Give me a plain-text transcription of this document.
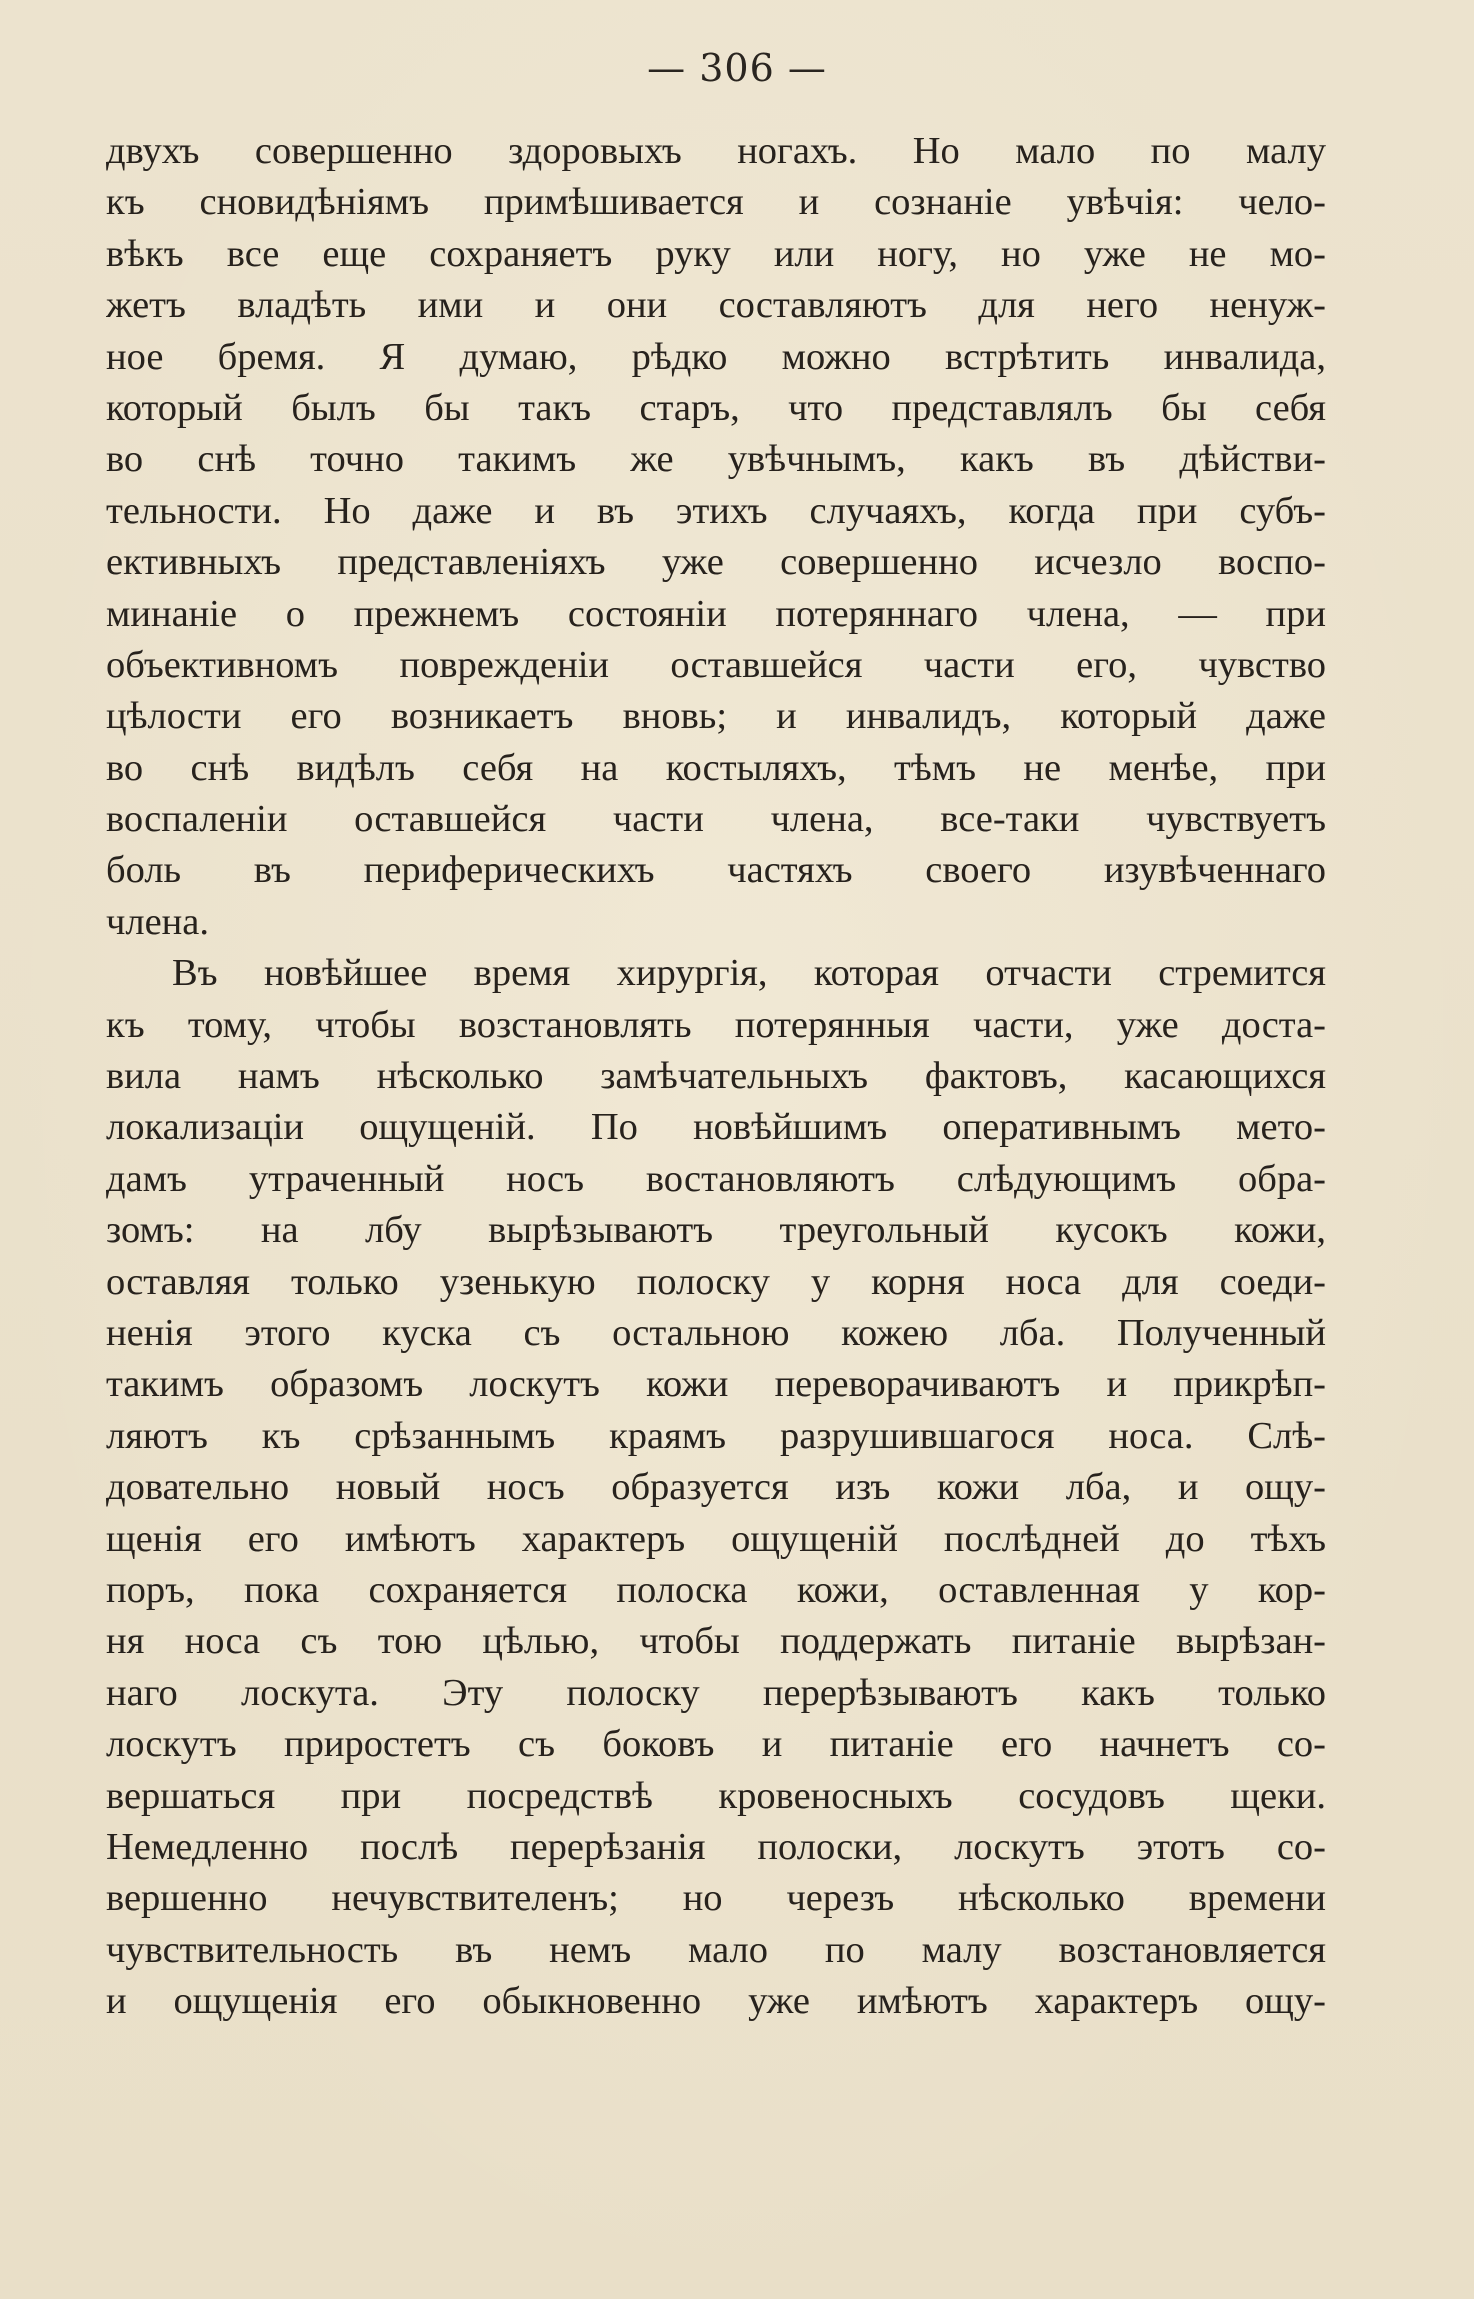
— 306 —
двухъ совершенно здоровыхъ ногахъ. Но мало по малу
къ сновидѣніямъ примѣшивается и сознаніе увѣчія: чело-
вѣкъ все еще сохраняетъ руку или ногу, но уже не мо-
жетъ владѣть ими и они составляютъ для него ненуж-
ное бремя. Я думаю, рѣдко можно встрѣтить инвалида,
который былъ бы такъ старъ, что представлялъ бы себя
во снѣ точно такимъ же увѣчнымъ, какъ въ дѣйстви-
тельности. Но даже и въ этихъ случаяхъ, когда при субъ-
ективныхъ представленіяхъ уже совершенно исчезло воспо-
минаніе о прежнемъ состояніи потеряннаго члена, — при
объективномъ поврежденіи оставшейся части его, чувство
цѣлости его возникаетъ вновь; и инвалидъ, который даже
во снѣ видѣлъ себя на костыляхъ, тѣмъ не менѣе, при
воспаленіи оставшейся части члена, все-таки чувствуетъ
боль въ периферическихъ частяхъ своего изувѣченнаго
члена.
Въ новѣйшее время хирургія, которая отчасти стремится
къ тому, чтобы возстановлять потерянныя части, уже доста-
вила намъ нѣсколько замѣчательныхъ фактовъ, касающихся
локализаціи ощущеній. По новѣйшимъ оперативнымъ мето-
дамъ утраченный носъ востановляютъ слѣдующимъ обра-
зомъ: на лбу вырѣзываютъ треугольный кусокъ кожи,
оставляя только узенькую полоску у корня носа для соеди-
ненія этого куска съ остальною кожею лба. Полученный
такимъ образомъ лоскутъ кожи переворачиваютъ и прикрѣп-
ляютъ къ срѣзаннымъ краямъ разрушившагося носа. Слѣ-
довательно новый носъ образуется изъ кожи лба, и ощу-
щенія его имѣютъ характеръ ощущеній послѣдней до тѣхъ
поръ, пока сохраняется полоска кожи, оставленная у кор-
ня носа съ тою цѣлью, чтобы поддержать питаніе вырѣзан-
наго лоскута. Эту полоску перерѣзываютъ какъ только
лоскутъ прирoстетъ съ боковъ и питаніе его начнетъ со-
вершаться при посредствѣ кровеносныхъ сосудовъ щеки.
Немедленно послѣ перерѣзанія полоски, лоскутъ этотъ со-
вершенно нечувствителенъ; но черезъ нѣсколько времени
чувствительность въ немъ мало по малу возстановляется
и ощущенія его обыкновенно уже имѣютъ характеръ ощу-
